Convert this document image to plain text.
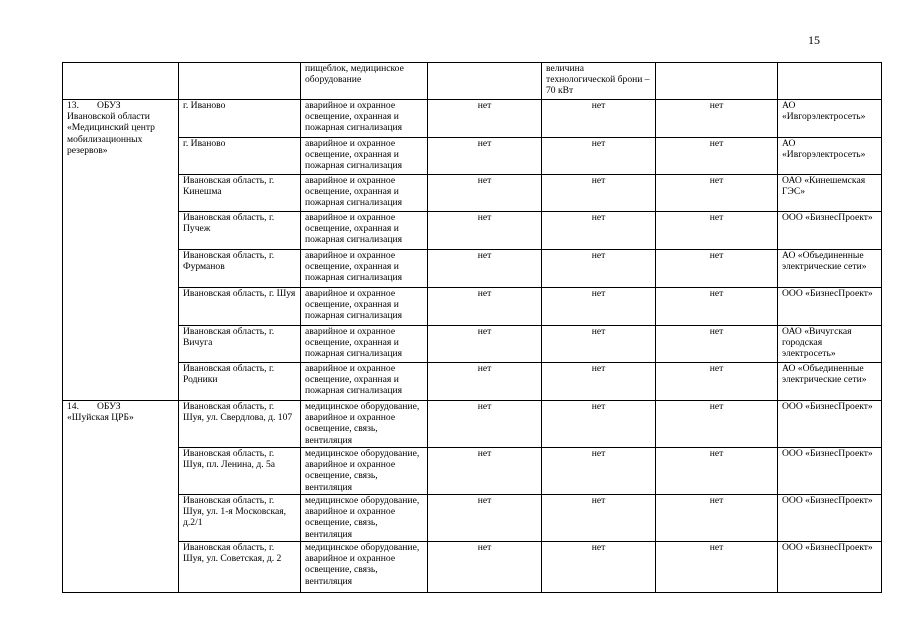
15
		пищеблок, медицинское оборудование		величина технологической брони – 70 кВт		
13. ОБУЗ
Ивановской области «Медицинский центр мобилизационных резервов»	г. Иваново	аварийное и охранное освещение, охранная и пожарная сигнализация	нет	нет	нет	АО «Ивгорэлектросеть»
	г. Иваново	аварийное и охранное освещение, охранная и пожарная сигнализация	нет	нет	нет	АО «Ивгорэлектросеть»
	Ивановская область, г. Кинешма	аварийное и охранное освещение, охранная и пожарная сигнализация	нет	нет	нет	ОАО «Кинешемская ГЭС»
	Ивановская область, г. Пучеж	аварийное и охранное освещение, охранная и пожарная сигнализация	нет	нет	нет	ООО «БизнесПроект»
	Ивановская область, г. Фурманов	аварийное и охранное освещение, охранная и пожарная сигнализация	нет	нет	нет	АО «Объединенные электрические сети»
	Ивановская область, г. Шуя	аварийное и охранное освещение, охранная и пожарная сигнализация	нет	нет	нет	ООО «БизнесПроект»
	Ивановская область, г. Вичуга	аварийное и охранное освещение, охранная и пожарная сигнализация	нет	нет	нет	ОАО «Вичугская городская электросеть»
	Ивановская область, г. Родники	аварийное и охранное освещение, охранная и пожарная сигнализация	нет	нет	нет	АО «Объединенные электрические сети»
14. ОБУЗ
«Шуйская ЦРБ»	Ивановская область, г. Шуя, ул. Свердлова, д. 107	медицинское оборудование, аварийное и охранное освещение, связь, вентиляция	нет	нет	нет	ООО «БизнесПроект»
	Ивановская область, г. Шуя, пл. Ленина, д. 5а	медицинское оборудование, аварийное и охранное освещение, связь, вентиляция	нет	нет	нет	ООО «БизнесПроект»
	Ивановская область, г. Шуя, ул. 1-я Московская, д.2/1	медицинское оборудование, аварийное и охранное освещение, связь, вентиляция	нет	нет	нет	ООО «БизнесПроект»
	Ивановская область, г. Шуя, ул. Советская, д. 2	медицинское оборудование, аварийное и охранное освещение, связь, вентиляция	нет	нет	нет	ООО «БизнесПроект»
